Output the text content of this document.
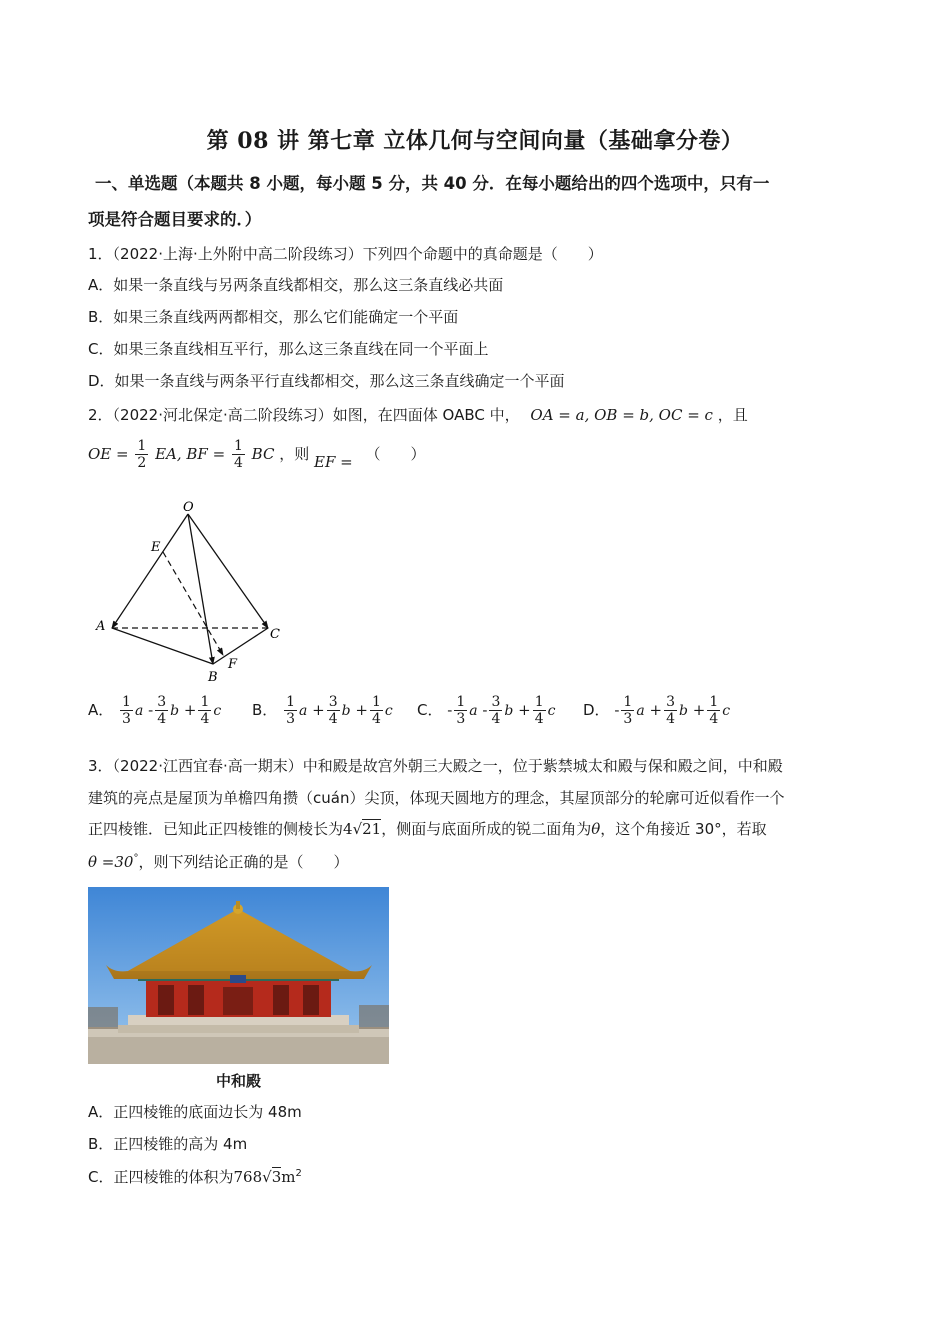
第 08 讲 第七章 立体几何与空间向量（基础拿分卷）
一、单选题（本题共 8 小题，每小题 5 分，共 40 分．在每小题给出的四个选项中，只有一
项是符合题目要求的．）
1．（2022·上海·上外附中高二阶段练习）下列四个命题中的真命题是（　　）
A．如果一条直线与另两条直线都相交，那么这三条直线必共面
B．如果三条直线两两都相交，那么它们能确定一个平面
C．如果三条直线相互平行，那么这三条直线在同一个平面上
D．如果一条直线与两条平行直线都相交，那么这三条直线确定一个平面
2．（2022·河北保定·高二阶段练习）如图，在四面体 OABC 中， OA = a, OB = b, OC = c ，且
OE = $\frac{1}{2}$ EA, BF = $\frac{1}{4}$ BC ，则 EF = （　　）
O
E
A
C
B
F
A． $\frac{1}{3}$ a - $\frac{3}{4}$ $b + \frac{1}{4}$ c B． $\frac{1}{3}$ $a + \frac{3}{4}$ $b + \frac{1}{4}$ c C． - $\frac{1}{3}$ a - $\frac{3}{4}$ $b + \frac{1}{4}$ c D． - $\frac{1}{3}$ $a + \frac{3}{4}$ $b + \frac{1}{4}$ c
3．（2022·江西宜春·高一期末）中和殿是故宫外朝三大殿之一，位于紫禁城太和殿与保和殿之间，中和殿
建筑的亮点是屋顶为单檐四角攒（cuán）尖顶，体现天圆地方的理念，其屋顶部分的轮廓可近似看作一个
正四棱锥．已知此正四棱锥的侧棱长为4√21，侧面与底面所成的锐二面角为θ，这个角接近 30°，若取
θ =30°，则下列结论正确的是（　　）
中和殿
A．正四棱锥的底面边长为 48m
B．正四棱锥的高为 4m
C．正四棱锥的体积为$768√3m^2$
